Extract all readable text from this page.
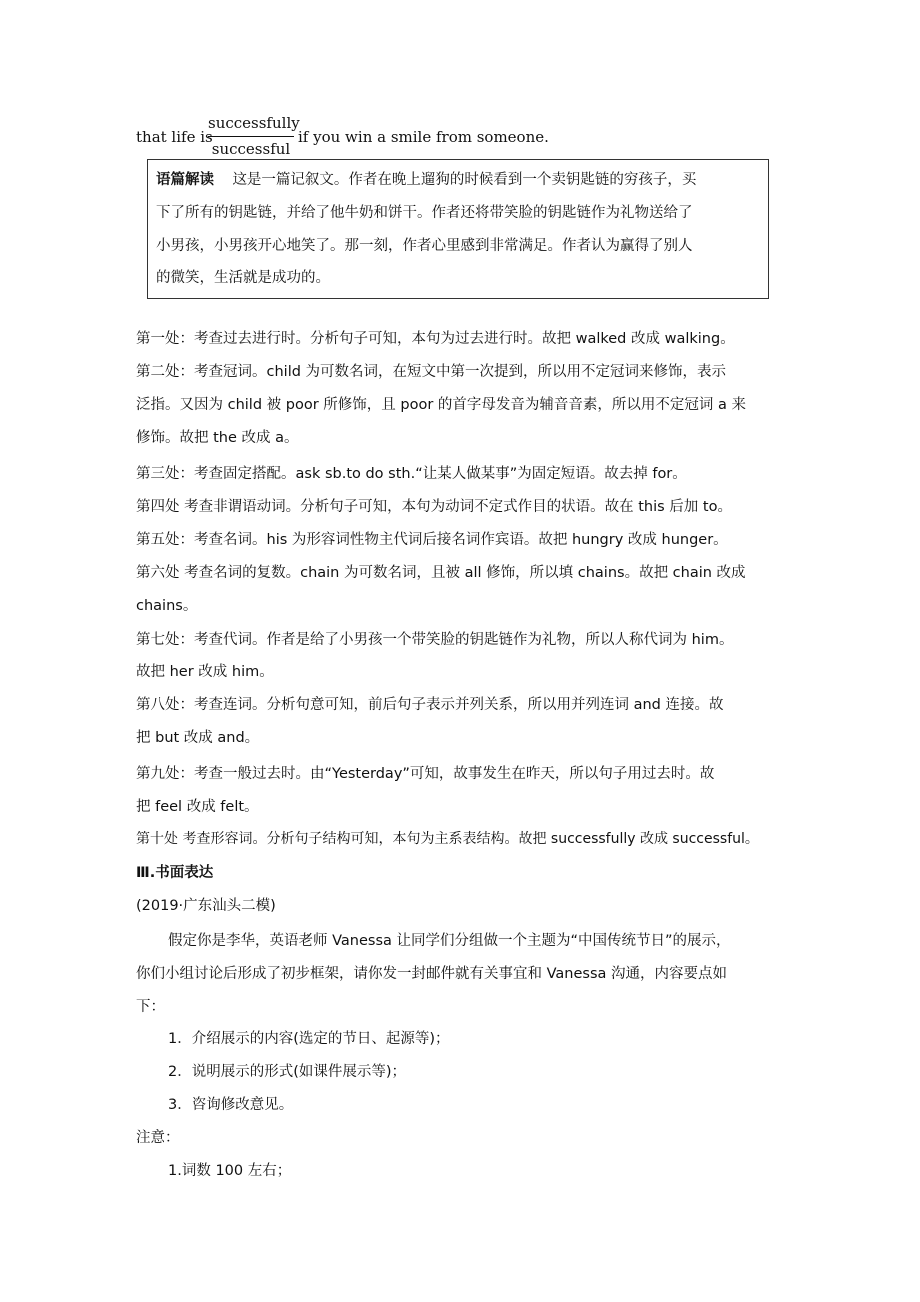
that life is
successfully
successful
if you win a smile from someone.
语篇解读 这是一篇记叙文。作者在晚上遛狗的时候看到一个卖钥匙链的穷孩子，买
下了所有的钥匙链，并给了他牛奶和饼干。作者还将带笑脸的钥匙链作为礼物送给了
小男孩，小男孩开心地笑了。那一刻，作者心里感到非常满足。作者认为赢得了别人
的微笑，生活就是成功的。
第一处：考查过去进行时。分析句子可知，本句为过去进行时。故把 walked 改成 walking。
第二处：考查冠词。child 为可数名词，在短文中第一次提到，所以用不定冠词来修饰，表示
泛指。又因为 child 被 poor 所修饰，且 poor 的首字母发音为辅音音素，所以用不定冠词 a 来
修饰。故把 the 改成 a。
第三处：考查固定搭配。ask sb.to do sth.“让某人做某事”为固定短语。故去掉 for。
第四处 考查非谓语动词。分析句子可知，本句为动词不定式作目的状语。故在 this 后加 to。
第五处：考查名词。his 为形容词性物主代词后接名词作宾语。故把 hungry 改成 hunger。
第六处 考查名词的复数。chain 为可数名词，且被 all 修饰，所以填 chains。故把 chain 改成
chains。
第七处：考查代词。作者是给了小男孩一个带笑脸的钥匙链作为礼物，所以人称代词为 him。
故把 her 改成 him。
第八处：考查连词。分析句意可知，前后句子表示并列关系，所以用并列连词 and 连接。故
把 but 改成 and。
第九处：考查一般过去时。由“Yesterday”可知，故事发生在昨天，所以句子用过去时。故
把 feel 改成 felt。
第十处 考查形容词。分析句子结构可知，本句为主系表结构。故把 successfully 改成 successful。
Ⅲ.书面表达
(2019·广东汕头二模)
假定你是李华，英语老师 Vanessa 让同学们分组做一个主题为“中国传统节日”的展示，
你们小组讨论后形成了初步框架，请你发一封邮件就有关事宜和 Vanessa 沟通，内容要点如
下：
1．介绍展示的内容(选定的节日、起源等)；
2．说明展示的形式(如课件展示等)；
3．咨询修改意见。
注意：
1.词数 100 左右；
